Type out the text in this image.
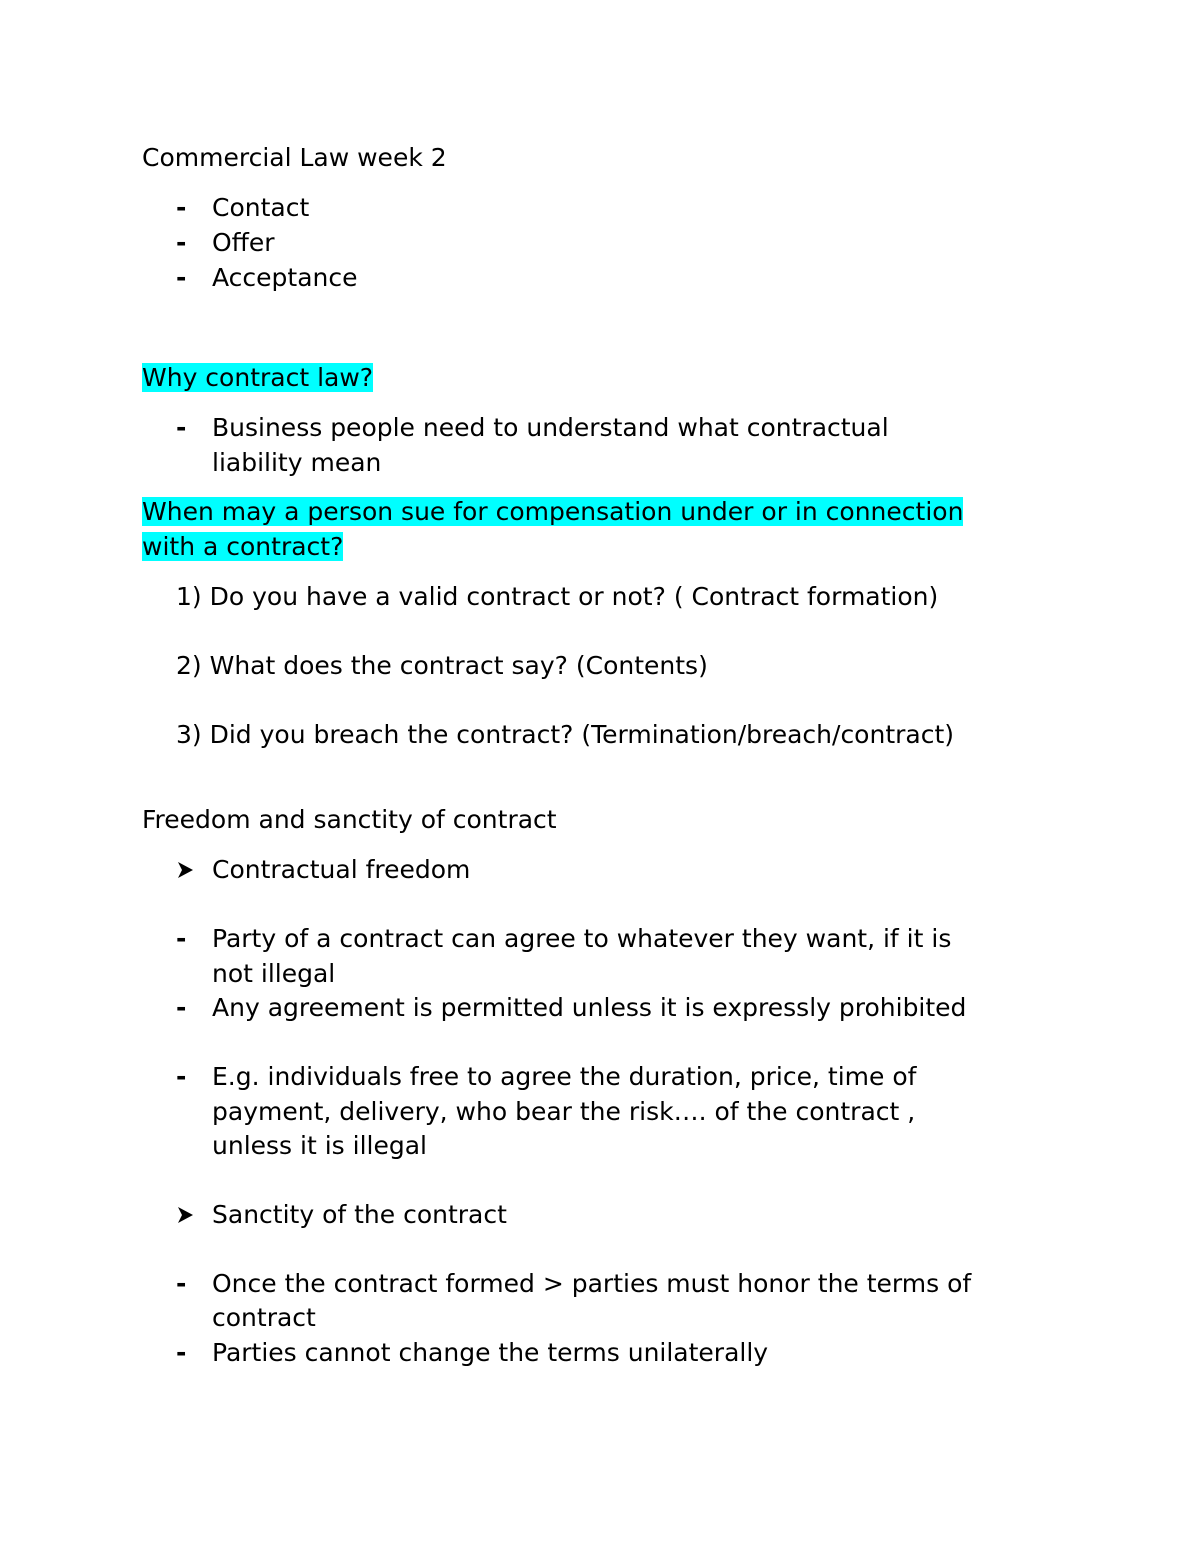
Commercial Law week 2

-	Contact

-	Offer

-	Acceptance

Why contract law?

-	Business people need to understand what contractual

liability mean

When may a person sue for compensation under or in connection

with a contract?

1) Do you have a valid contract or not? ( Contract formation)

2) What does the contract say? (Contents)

3) Did you breach the contract? (Termination/breach/contract)

Freedom and sanctity of contract

Contractual freedom

-	Party of a contract can agree to whatever they want, if it is

not illegal

-	Any agreement is permitted unless it is expressly prohibited

-	E.g. individuals free to agree the duration, price, time of

payment, delivery, who bear the risk…. of the contract ,

unless it is illegal

Sanctity of the contract

-	Once the contract formed > parties must honor the terms of

contract

-	Parties cannot change the terms unilaterally
